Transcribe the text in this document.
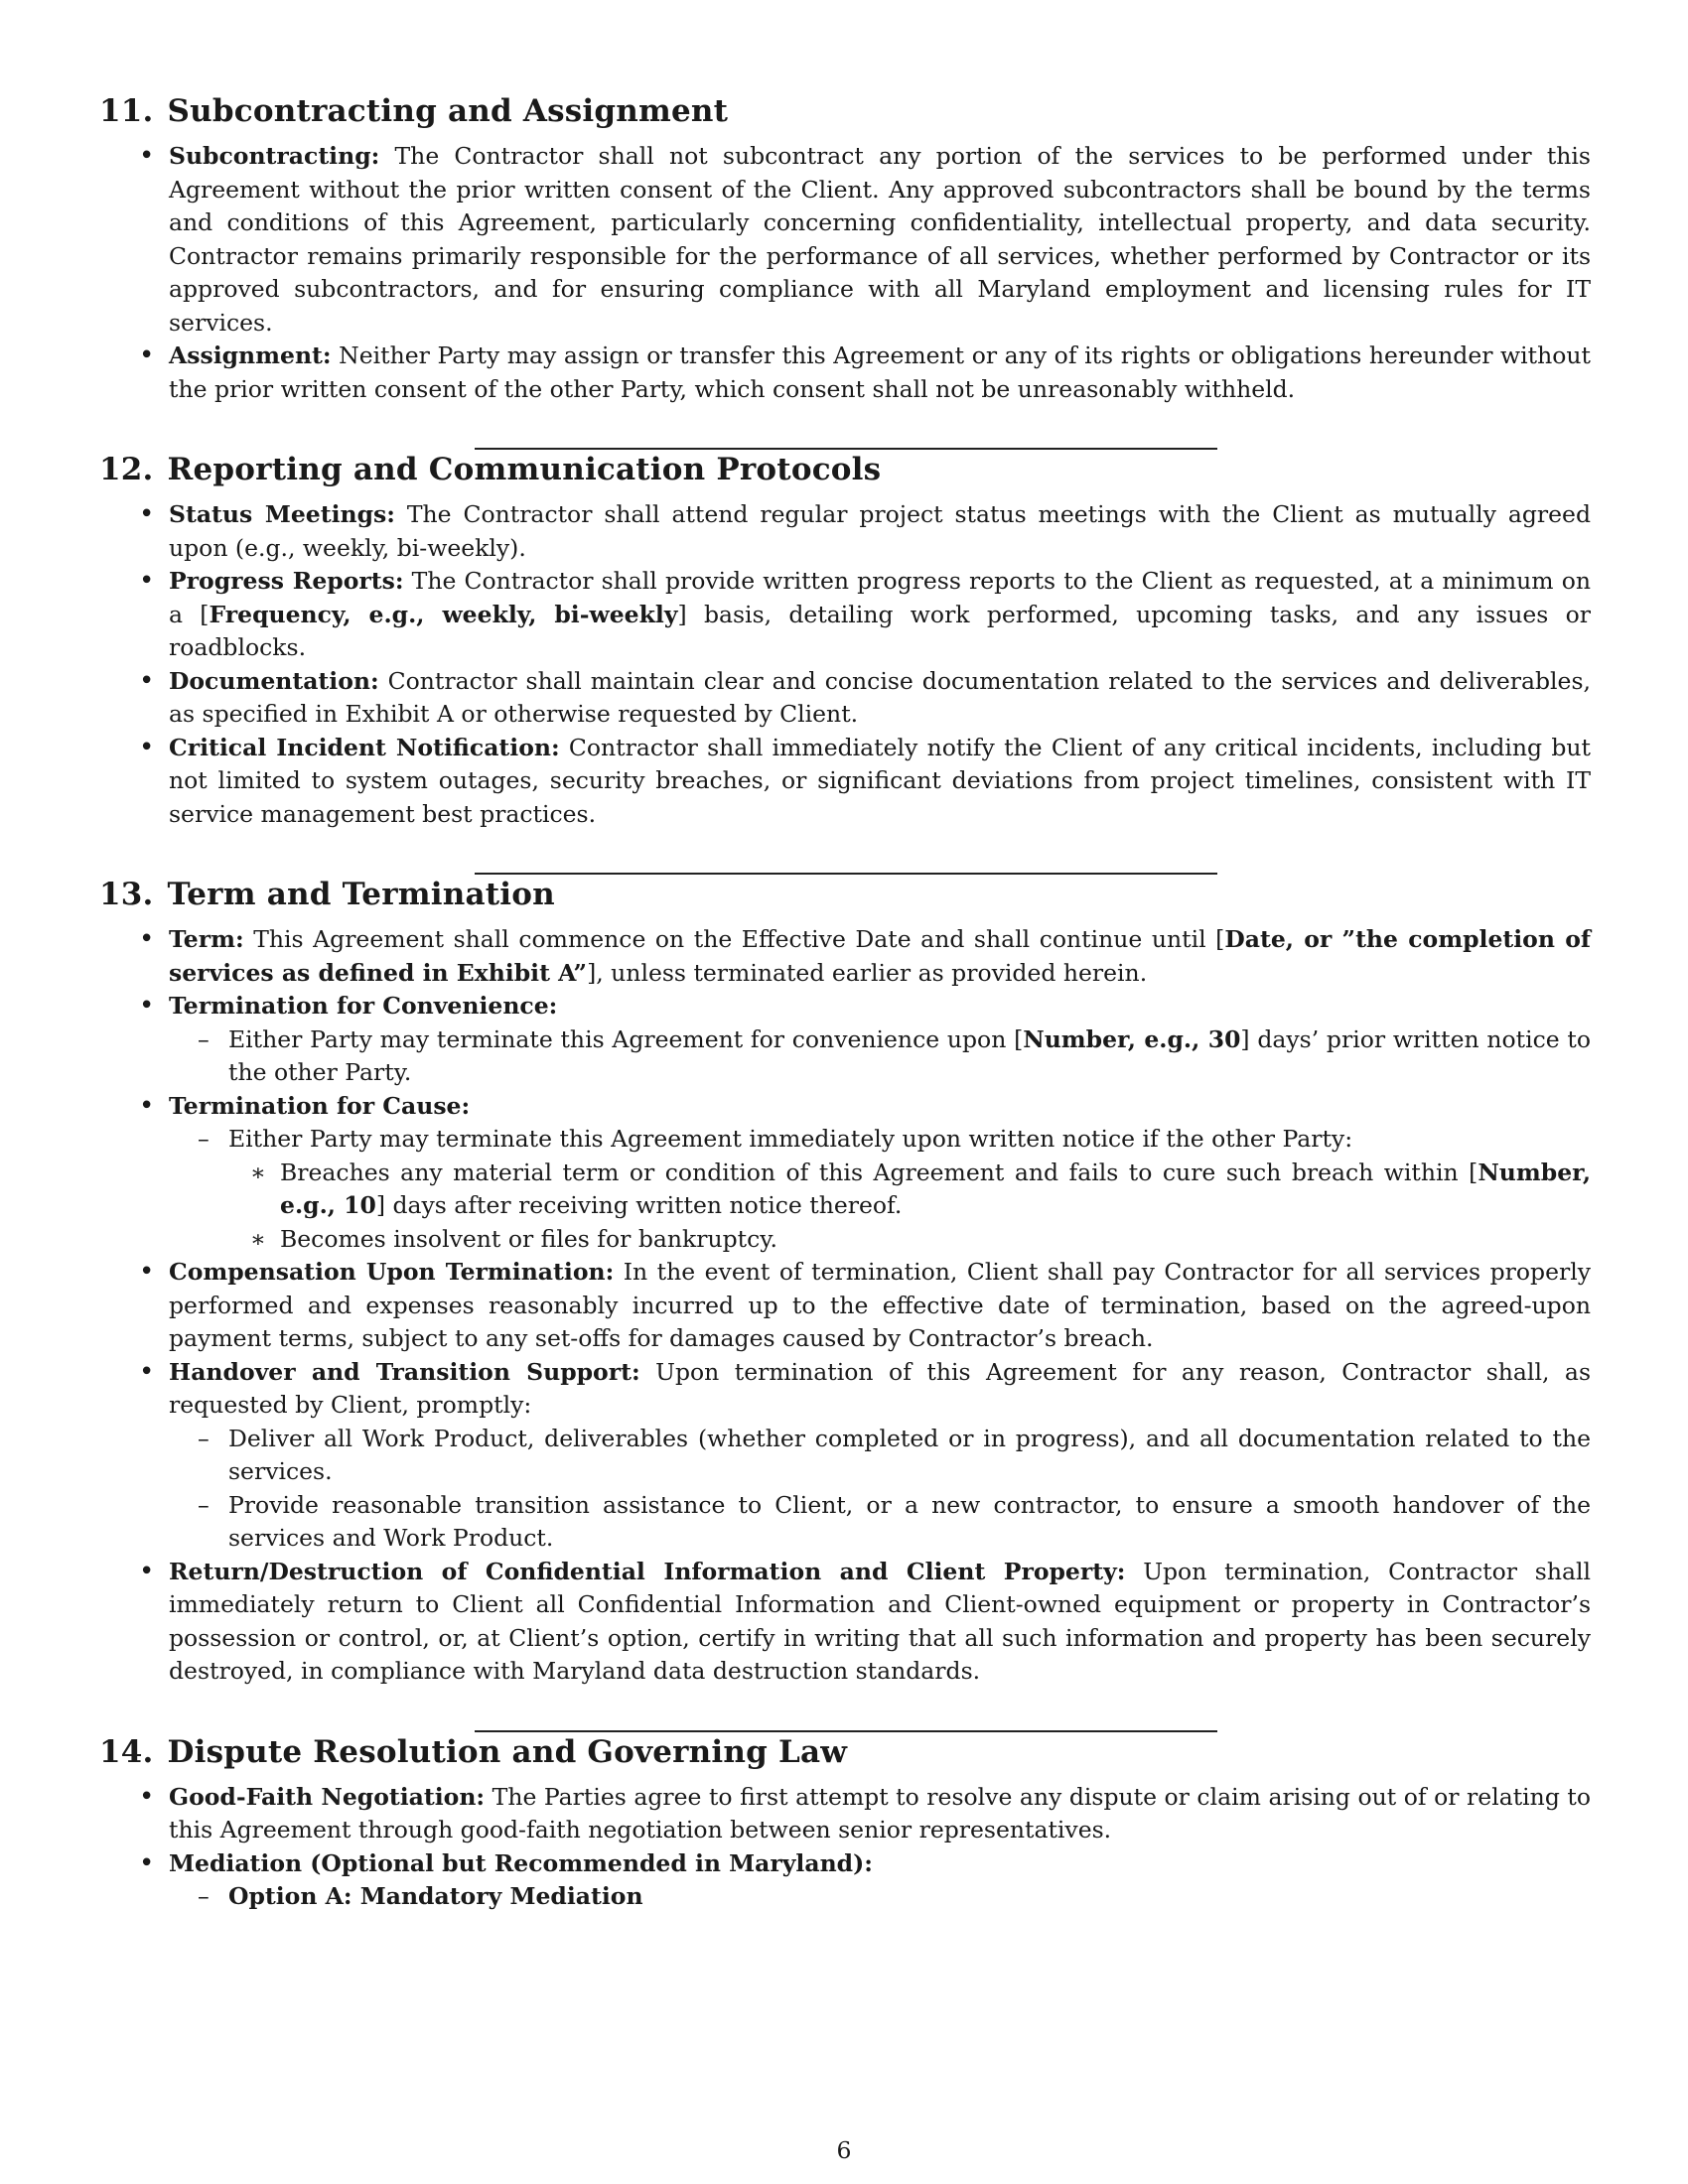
11. Subcontracting and Assignment
• Subcontracting: The Contractor shall not subcontract any portion of the services to be performed under this Agreement without the prior written consent of the Client. Any approved subcontractors shall be bound by the terms and conditions of this Agreement, particularly concerning confidentiality, intellectual property, and data security. Contractor remains primarily responsible for the performance of all services, whether performed by Contractor or its approved subcontractors, and for ensuring compliance with all Maryland employment and licensing rules for IT services.
• Assignment: Neither Party may assign or transfer this Agreement or any of its rights or obligations hereunder without the prior written consent of the other Party, which consent shall not be unreasonably withheld.
12. Reporting and Communication Protocols
• Status Meetings: The Contractor shall attend regular project status meetings with the Client as mutually agreed upon (e.g., weekly, bi-weekly).
• Progress Reports: The Contractor shall provide written progress reports to the Client as requested, at a minimum on a [Frequency, e.g., weekly, bi-weekly] basis, detailing work performed, upcoming tasks, and any issues or roadblocks.
• Documentation: Contractor shall maintain clear and concise documentation related to the services and deliverables, as specified in Exhibit A or otherwise requested by Client.
• Critical Incident Notification: Contractor shall immediately notify the Client of any critical incidents, including but not limited to system outages, security breaches, or significant deviations from project timelines, consistent with IT service management best practices.
13. Term and Termination
• Term: This Agreement shall commence on the Effective Date and shall continue until [Date, or ”the completion of services as defined in Exhibit A”], unless terminated earlier as provided herein.
• Termination for Convenience:
– Either Party may terminate this Agreement for convenience upon [Number, e.g., 30] days’ prior written notice to the other Party.
• Termination for Cause:
– Either Party may terminate this Agreement immediately upon written notice if the other Party:
∗ Breaches any material term or condition of this Agreement and fails to cure such breach within [Number, e.g., 10] days after receiving written notice thereof.
∗ Becomes insolvent or files for bankruptcy.
• Compensation Upon Termination: In the event of termination, Client shall pay Contractor for all services properly performed and expenses reasonably incurred up to the effective date of termination, based on the agreed-upon payment terms, subject to any set-offs for damages caused by Contractor’s breach.
• Handover and Transition Support: Upon termination of this Agreement for any reason, Contractor shall, as requested by Client, promptly:
– Deliver all Work Product, deliverables (whether completed or in progress), and all documentation related to the services.
– Provide reasonable transition assistance to Client, or a new contractor, to ensure a smooth handover of the services and Work Product.
• Return/Destruction of Confidential Information and Client Property: Upon termination, Contractor shall immediately return to Client all Confidential Information and Client-owned equipment or property in Contractor’s possession or control, or, at Client’s option, certify in writing that all such information and property has been securely destroyed, in compliance with Maryland data destruction standards.
14. Dispute Resolution and Governing Law
• Good-Faith Negotiation: The Parties agree to first attempt to resolve any dispute or claim arising out of or relating to this Agreement through good-faith negotiation between senior representatives.
• Mediation (Optional but Recommended in Maryland):
– Option A: Mandatory Mediation
6
